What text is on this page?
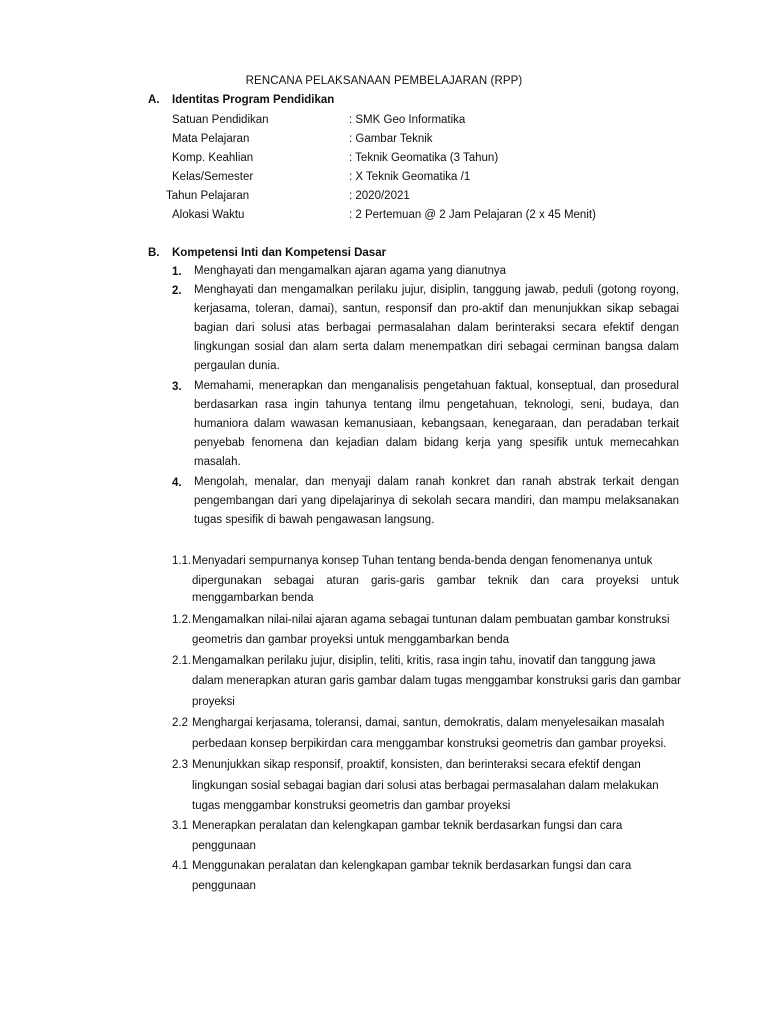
RENCANA PELAKSANAAN PEMBELAJARAN (RPP)
A. Identitas Program Pendidikan
Satuan Pendidikan	: SMK Geo Informatika
Mata Pelajaran	: Gambar Teknik
Komp. Keahlian	: Teknik Geomatika (3 Tahun)
Kelas/Semester	: X Teknik Geomatika /1
Tahun Pelajaran	: 2020/2021
Alokasi Waktu	: 2 Pertemuan @ 2 Jam Pelajaran (2 x 45 Menit)
B. Kompetensi Inti dan Kompetensi Dasar
1. Menghayati dan mengamalkan ajaran agama yang dianutnya

2. Menghayati dan mengamalkan perilaku jujur, disiplin, tanggung jawab, peduli (gotong royong, kerjasama, toleran, damai), santun, responsif dan pro-aktif dan menunjukkan sikap sebagai bagian dari solusi atas berbagai permasalahan dalam berinteraksi secara efektif dengan lingkungan sosial dan alam serta dalam menempatkan diri sebagai cerminan bangsa dalam pergaulan dunia.

3. Memahami, menerapkan dan menganalisis pengetahuan faktual, konseptual, dan prosedural berdasarkan rasa ingin tahunya tentang ilmu pengetahuan, teknologi, seni, budaya, dan humaniora dalam wawasan kemanusiaan, kebangsaan, kenegaraan, dan peradaban terkait penyebab fenomena dan kejadian dalam bidang kerja yang spesifik untuk memecahkan masalah.

4. Mengolah, menalar, dan menyaji dalam ranah konkret dan ranah abstrak terkait dengan pengembangan dari yang dipelajarinya di sekolah secara mandiri, dan mampu melaksanakan tugas spesifik di bawah pengawasan langsung.

1.1. Menyadari sempurnanya konsep Tuhan tentang benda-benda dengan fenomenanya untuk
dipergunakan sebagai aturan garis-garis gambar teknik dan cara proyeksi untuk
menggambarkan benda
1.2. Mengamalkan nilai-nilai ajaran agama sebagai tuntunan dalam pembuatan gambar konstruksi
geometris dan gambar proyeksi untuk menggambarkan benda
2.1. Mengamalkan perilaku jujur, disiplin, teliti, kritis, rasa ingin tahu, inovatif dan tanggung jawa
dalam menerapkan aturan garis gambar dalam tugas menggambar konstruksi garis dan gambar
proyeksi
2.2 Menghargai kerjasama, toleransi, damai, santun, demokratis, dalam menyelesaikan masalah
perbedaan konsep berpikirdan cara menggambar konstruksi geometris dan gambar proyeksi.
2.3 Menunjukkan sikap responsif, proaktif, konsisten, dan berinteraksi secara efektif dengan
lingkungan sosial sebagai bagian dari solusi atas berbagai permasalahan dalam melakukan
tugas menggambar konstruksi geometris dan gambar proyeksi
3.1 Menerapkan peralatan dan kelengkapan gambar teknik berdasarkan fungsi dan cara
penggunaan
4.1 Menggunakan peralatan dan kelengkapan gambar teknik berdasarkan fungsi dan cara
penggunaan
